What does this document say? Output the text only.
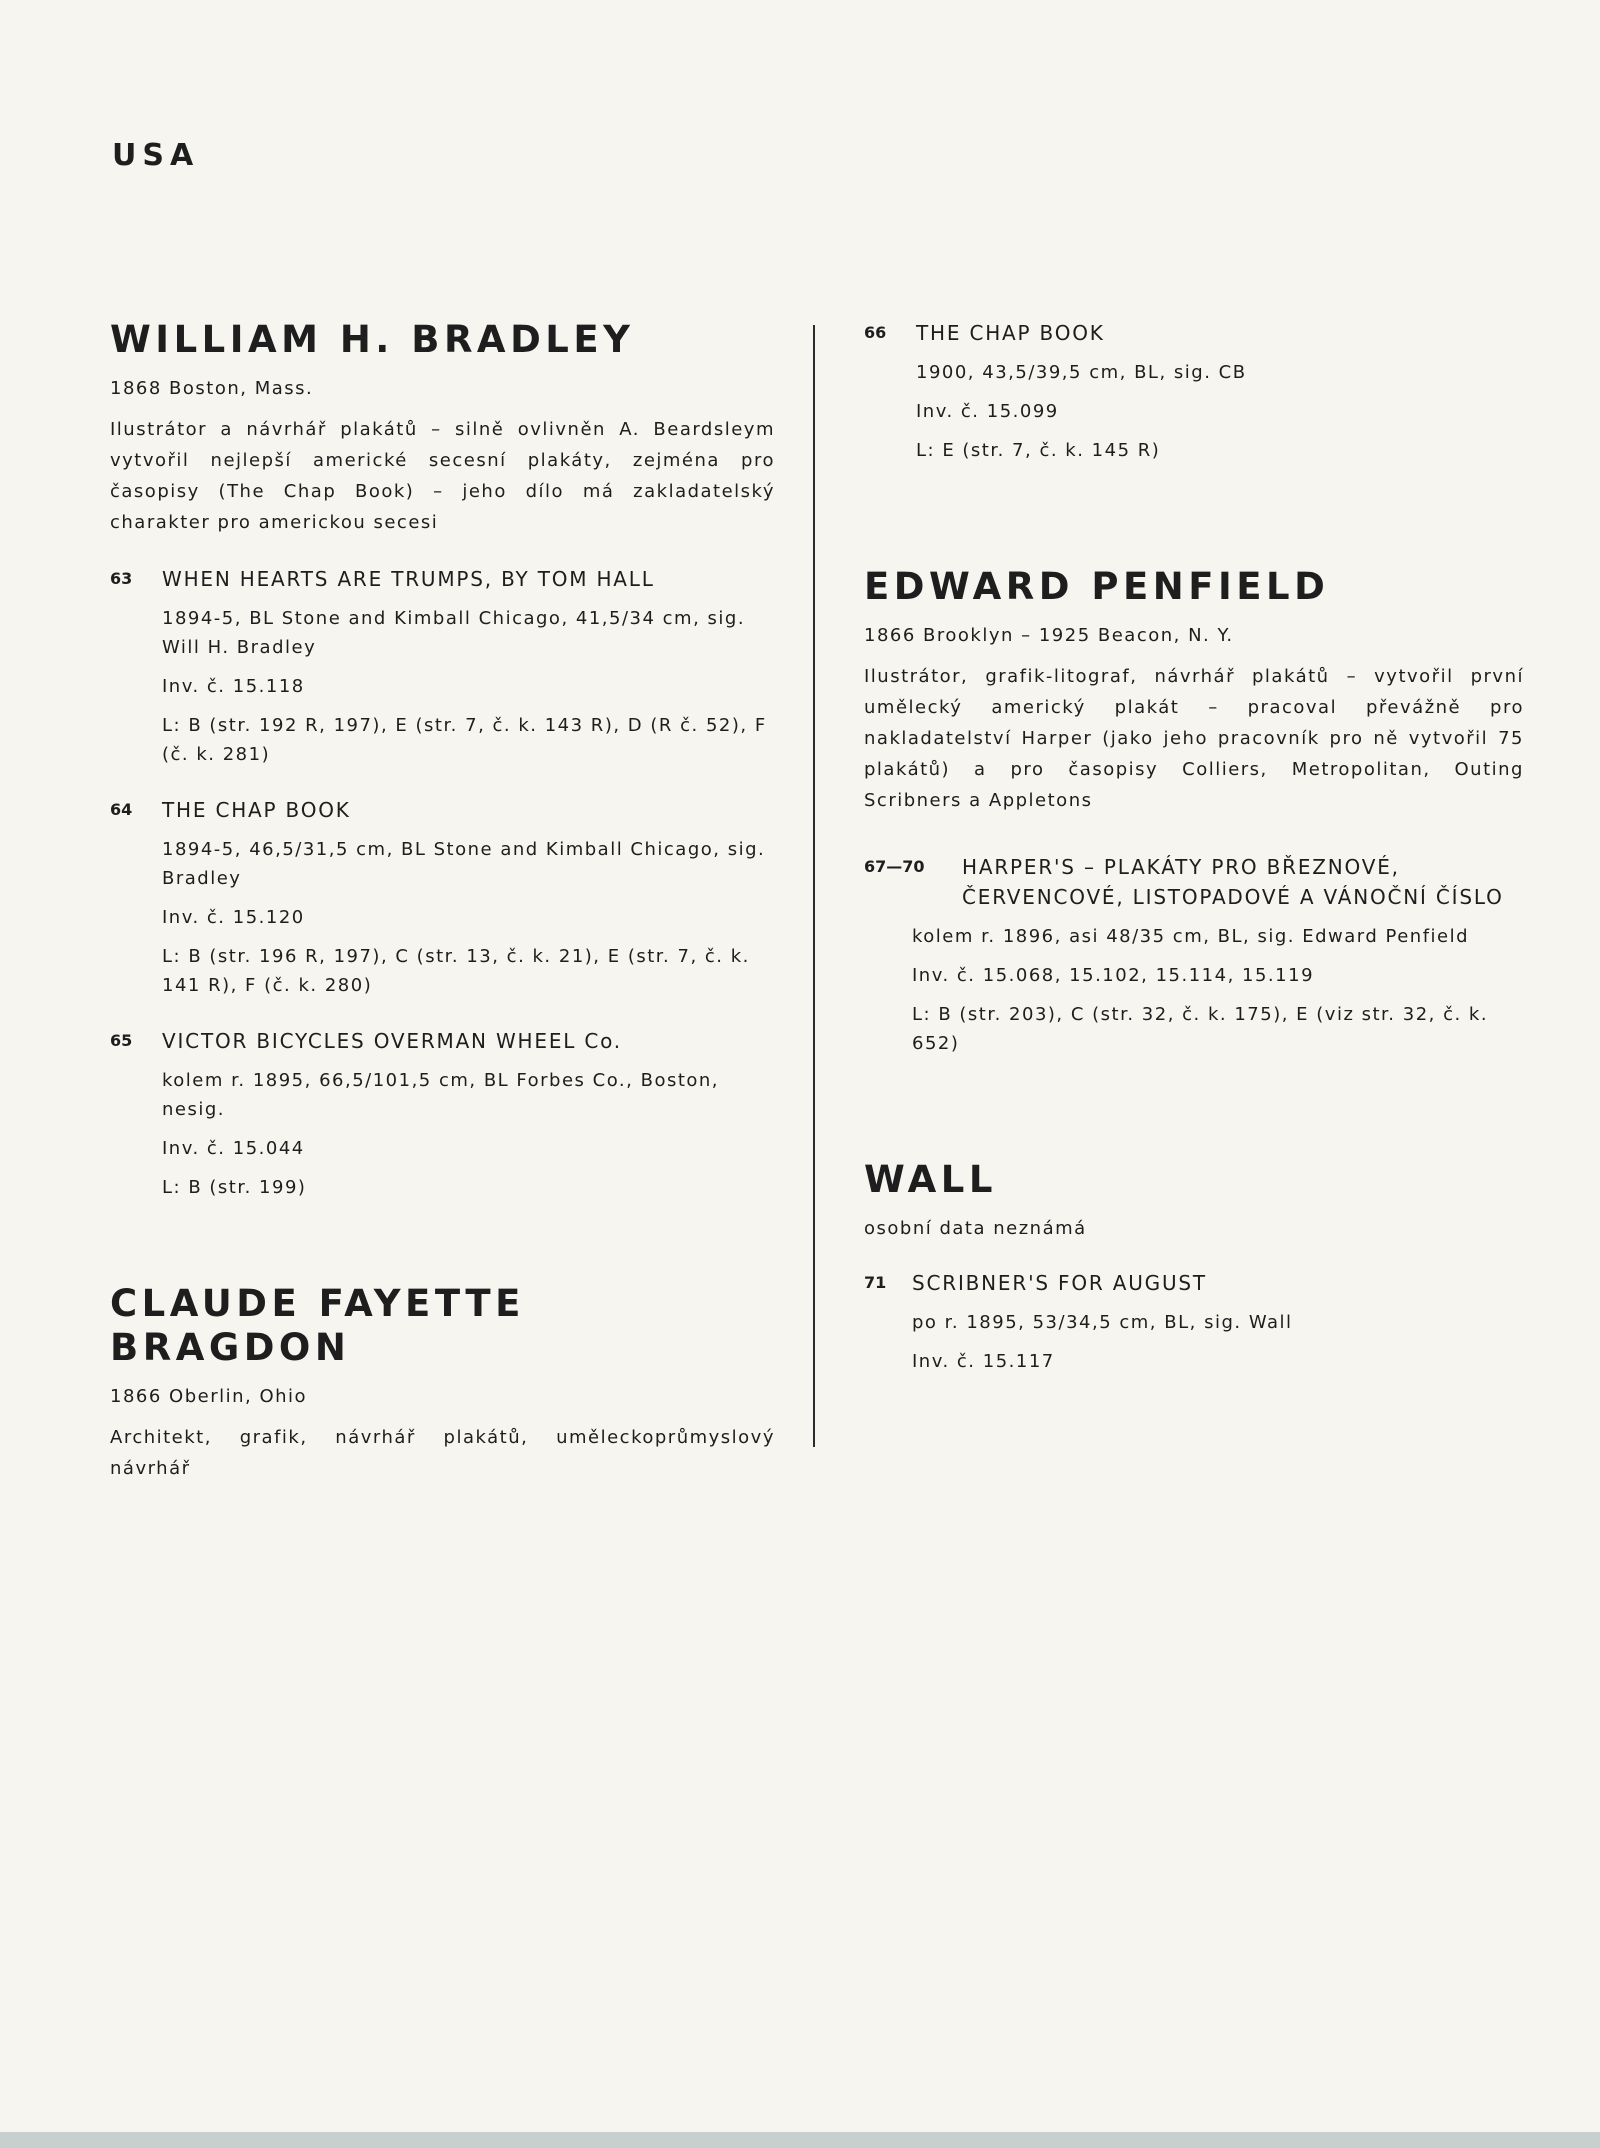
USA
WILLIAM H. BRADLEY

1868 Boston, Mass.

Ilustrátor a návrhář plakátů – silně ovlivněn A. Beardsleym vytvořil nejlepší americké secesní plakáty, zejména pro časopisy (The Chap Book) – jeho dílo má zakladatelský charakter pro americkou secesi

63 WHEN HEARTS ARE TRUMPS, BY TOM HALL

1894-5, BL Stone and Kimball Chicago, 41,5/34 cm, sig. Will H. Bradley

Inv. č. 15.118

L: B (str. 192 R, 197), E (str. 7, č. k. 143 R), D (R č. 52), F (č. k. 281)

64 THE CHAP BOOK

1894-5, 46,5/31,5 cm, BL Stone and Kimball Chicago, sig. Bradley

Inv. č. 15.120

L: B (str. 196 R, 197), C (str. 13, č. k. 21), E (str. 7, č. k. 141 R), F (č. k. 280)

65 VICTOR BICYCLES OVERMAN WHEEL Co.

kolem r. 1895, 66,5/101,5 cm, BL Forbes Co., Boston, nesig.

Inv. č. 15.044

L: B (str. 199)

CLAUDE FAYETTE BRAGDON

1866 Oberlin, Ohio

Architekt, grafik, návrhář plakátů, uměleckoprůmyslový návrhář

66 THE CHAP BOOK

1900, 43,5/39,5 cm, BL, sig. CB

Inv. č. 15.099

L: E (str. 7, č. k. 145 R)

EDWARD PENFIELD

1866 Brooklyn – 1925 Beacon, N. Y.

Ilustrátor, grafik-litograf, návrhář plakátů – vytvořil první umělecký americký plakát – pracoval převážně pro nakladatelství Harper (jako jeho pracovník pro ně vytvořil 75 plakátů) a pro časopisy Colliers, Metropolitan, Outing Scribners a Appletons

67—70 HARPER'S – PLAKÁTY PRO BŘEZNOVÉ, ČERVENCOVÉ, LISTOPADOVÉ A VÁNOČNÍ ČÍSLO

kolem r. 1896, asi 48/35 cm, BL, sig. Edward Penfield

Inv. č. 15.068, 15.102, 15.114, 15.119

L: B (str. 203), C (str. 32, č. k. 175), E (viz str. 32, č. k. 652)

WALL

osobní data neznámá

71 SCRIBNER'S FOR AUGUST

po r. 1895, 53/34,5 cm, BL, sig. Wall

Inv. č. 15.117
